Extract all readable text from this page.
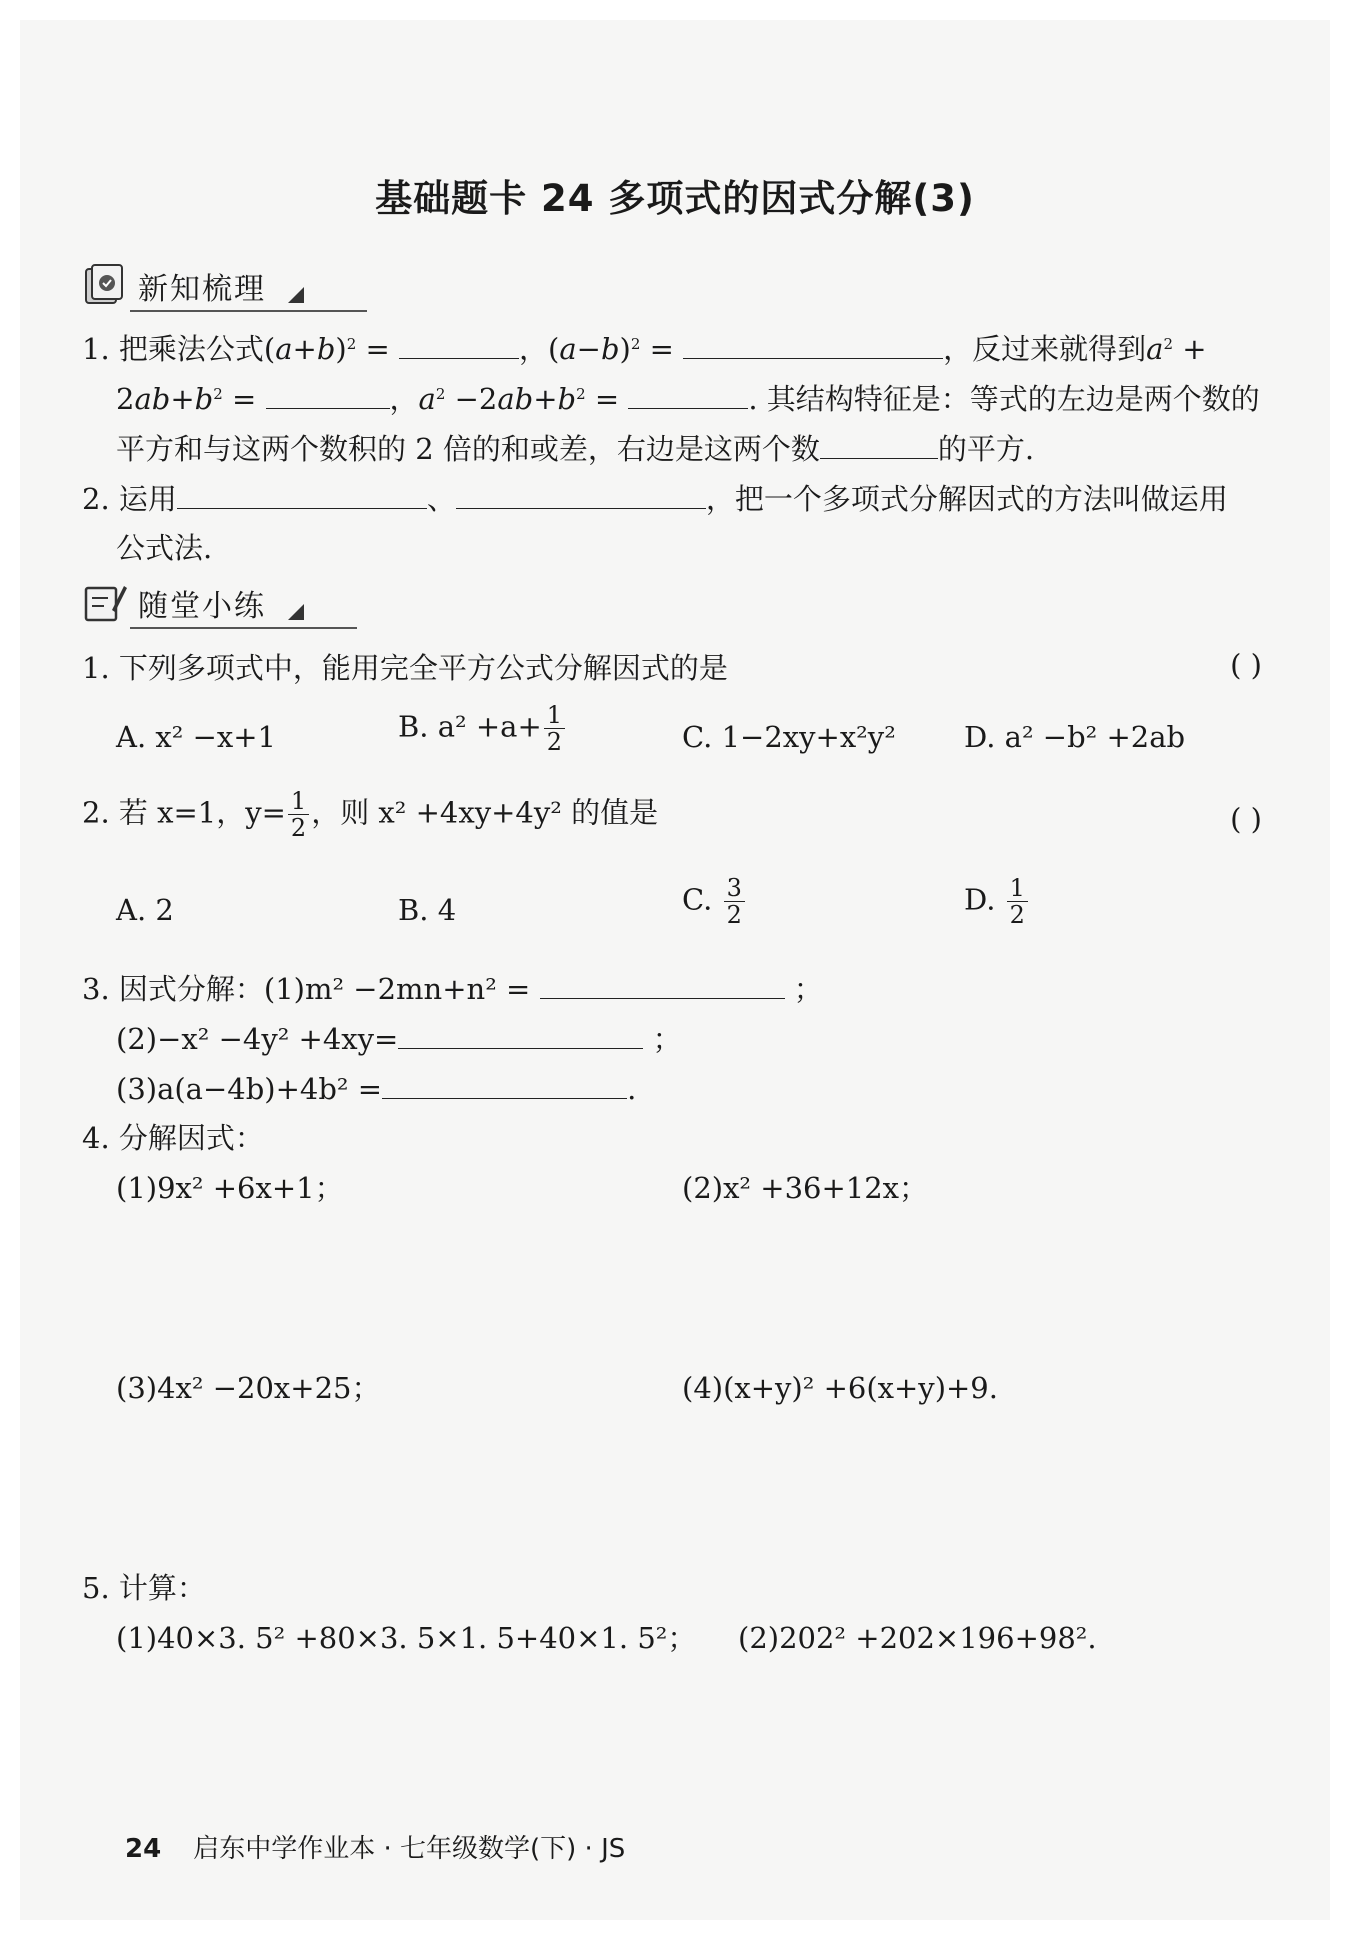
基础题卡 24 多项式的因式分解(3)
新知梳理
1. 把乘法公式$(a+b)^2$ =	，$(a-b)^2$ =	，反过来就得到$a^2$ +
$2ab+b^2$ =	，$a^2 -2ab+b^2$ =	. 其结构特征是：等式的左边是两个数的
平方和与这两个数积的 2 倍的和或差，右边是这两个数	的平方.
2. 运用	、	，把一个多项式分解因式的方法叫做运用
公式法.
随堂小练
1. 下列多项式中，能用完全平方公式分解因式的是	( )
A. x² −x+1	B. $a^2 +a+ \frac{1}{2}$	C. 1−2xy+x²y² D. a² −b² +2ab
2. 若 x=1，$y= \frac{1}{2}$ ，则 x² +4xy+4y² 的值是	( )
A. 2	B. 4	C. $\frac{3}{2}$	D. $\frac{1}{2}$
3. 因式分解：(1)m² −2mn+n² =	；
(2)−x² −4y² +4xy=	；
(3)a(a−4b)+4b² =	.
4. 分解因式：
(1)9x² +6x+1；	(2)x² +36+12x；
(3)4x² −20x+25；	(4)(x+y)² +6(x+y)+9.
5. 计算：
(1)40×3. 5² +80×3. 5×1. 5+40×1. 5²； (2)202² +202×196+98².
24 启东中学作业本 · 七年级数学(下) · JS
